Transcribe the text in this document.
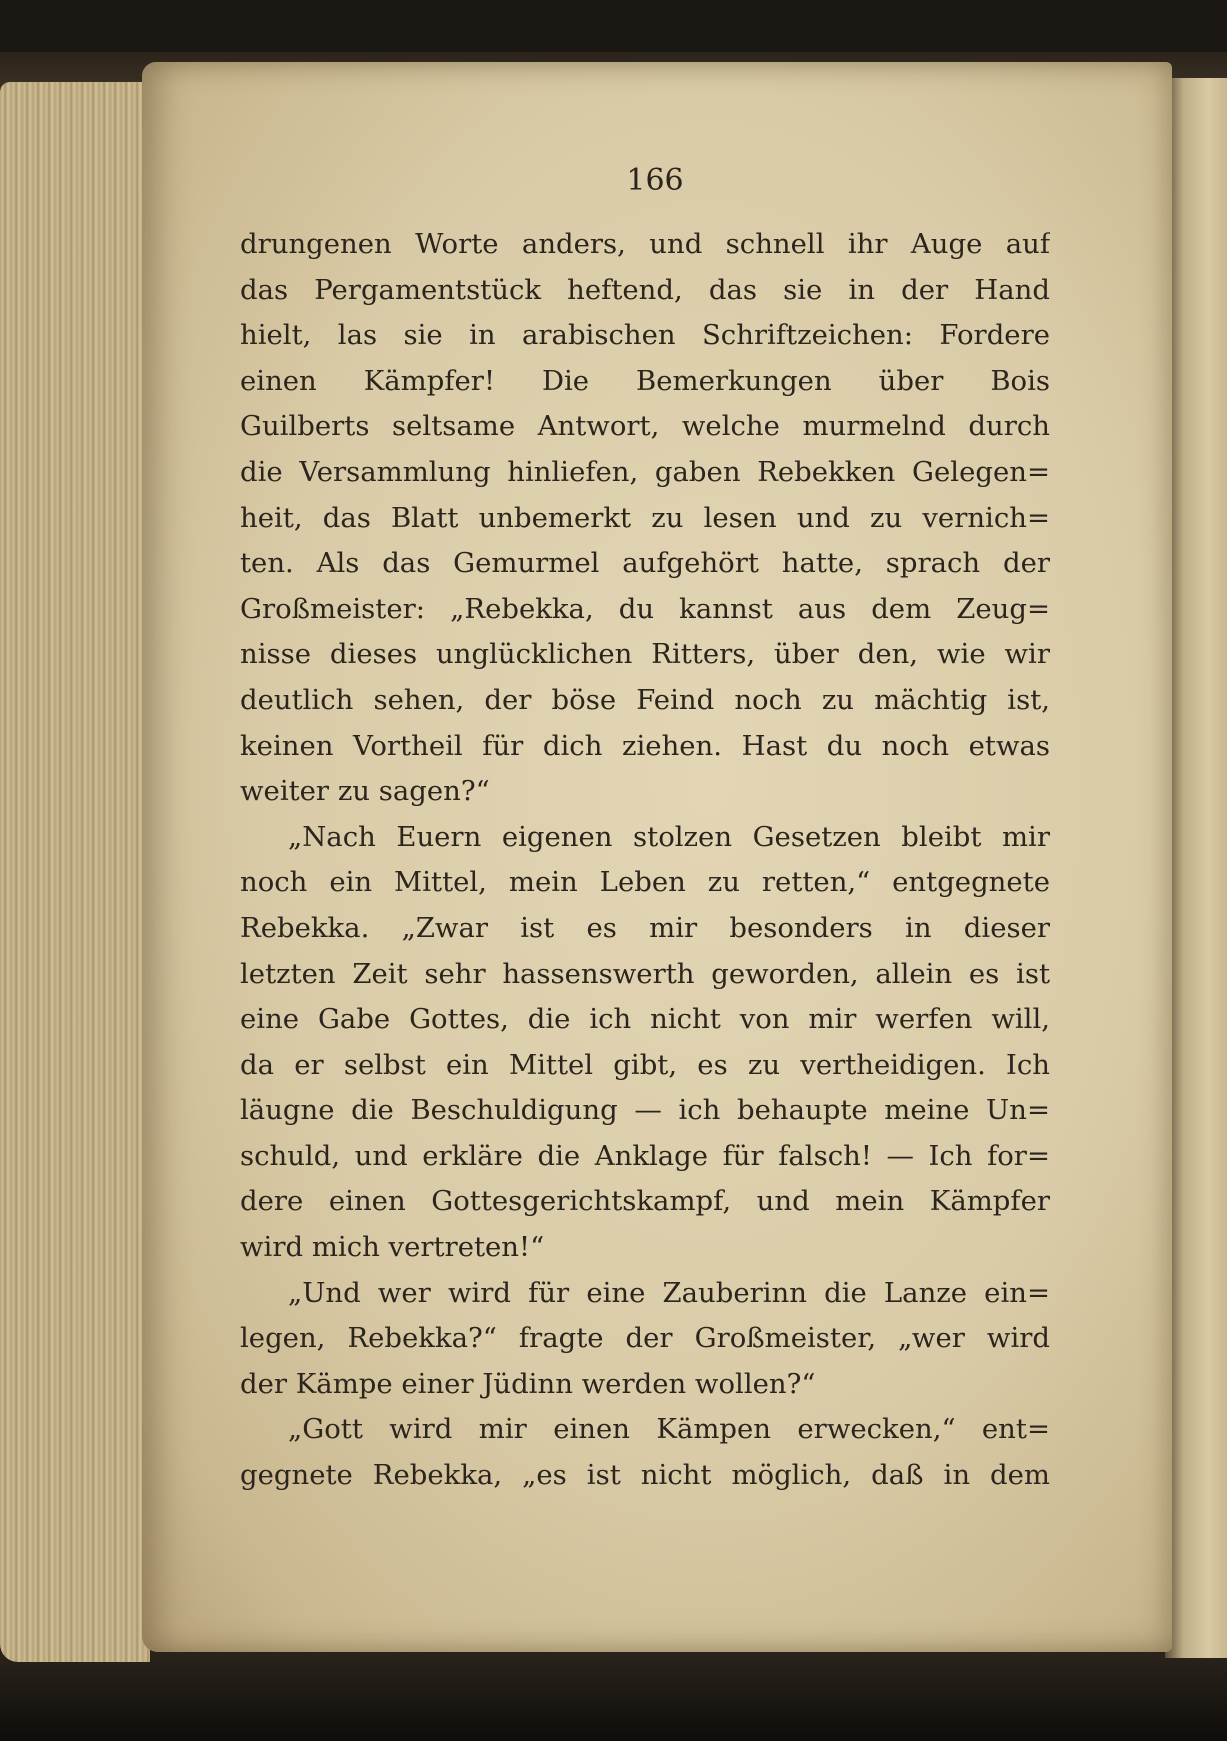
166
drungenen Worte anders, und schnell ihr Auge auf
das Pergamentstück heftend, das sie in der Hand
hielt, las sie in arabischen Schriftzeichen: Fordere
einen Kämpfer! Die Bemerkungen über Bois
Guilberts seltsame Antwort, welche murmelnd durch
die Versammlung hinliefen, gaben Rebekken Gelegen=
heit, das Blatt unbemerkt zu lesen und zu vernich=
ten. Als das Gemurmel aufgehört hatte, sprach der
Großmeister: „Rebekka, du kannst aus dem Zeug=
nisse dieses unglücklichen Ritters, über den, wie wir
deutlich sehen, der böse Feind noch zu mächtig ist,
keinen Vortheil für dich ziehen. Hast du noch etwas
weiter zu sagen?“
„Nach Euern eigenen stolzen Gesetzen bleibt mir
noch ein Mittel, mein Leben zu retten,“ entgegnete
Rebekka. „Zwar ist es mir besonders in dieser
letzten Zeit sehr hassenswerth geworden, allein es ist
eine Gabe Gottes, die ich nicht von mir werfen will,
da er selbst ein Mittel gibt, es zu vertheidigen. Ich
läugne die Beschuldigung — ich behaupte meine Un=
schuld, und erkläre die Anklage für falsch! — Ich for=
dere einen Gottesgerichtskampf, und mein Kämpfer
wird mich vertreten!“
„Und wer wird für eine Zauberinn die Lanze ein=
legen, Rebekka?“ fragte der Großmeister, „wer wird
der Kämpe einer Jüdinn werden wollen?“
„Gott wird mir einen Kämpen erwecken,“ ent=
gegnete Rebekka, „es ist nicht möglich, daß in dem
